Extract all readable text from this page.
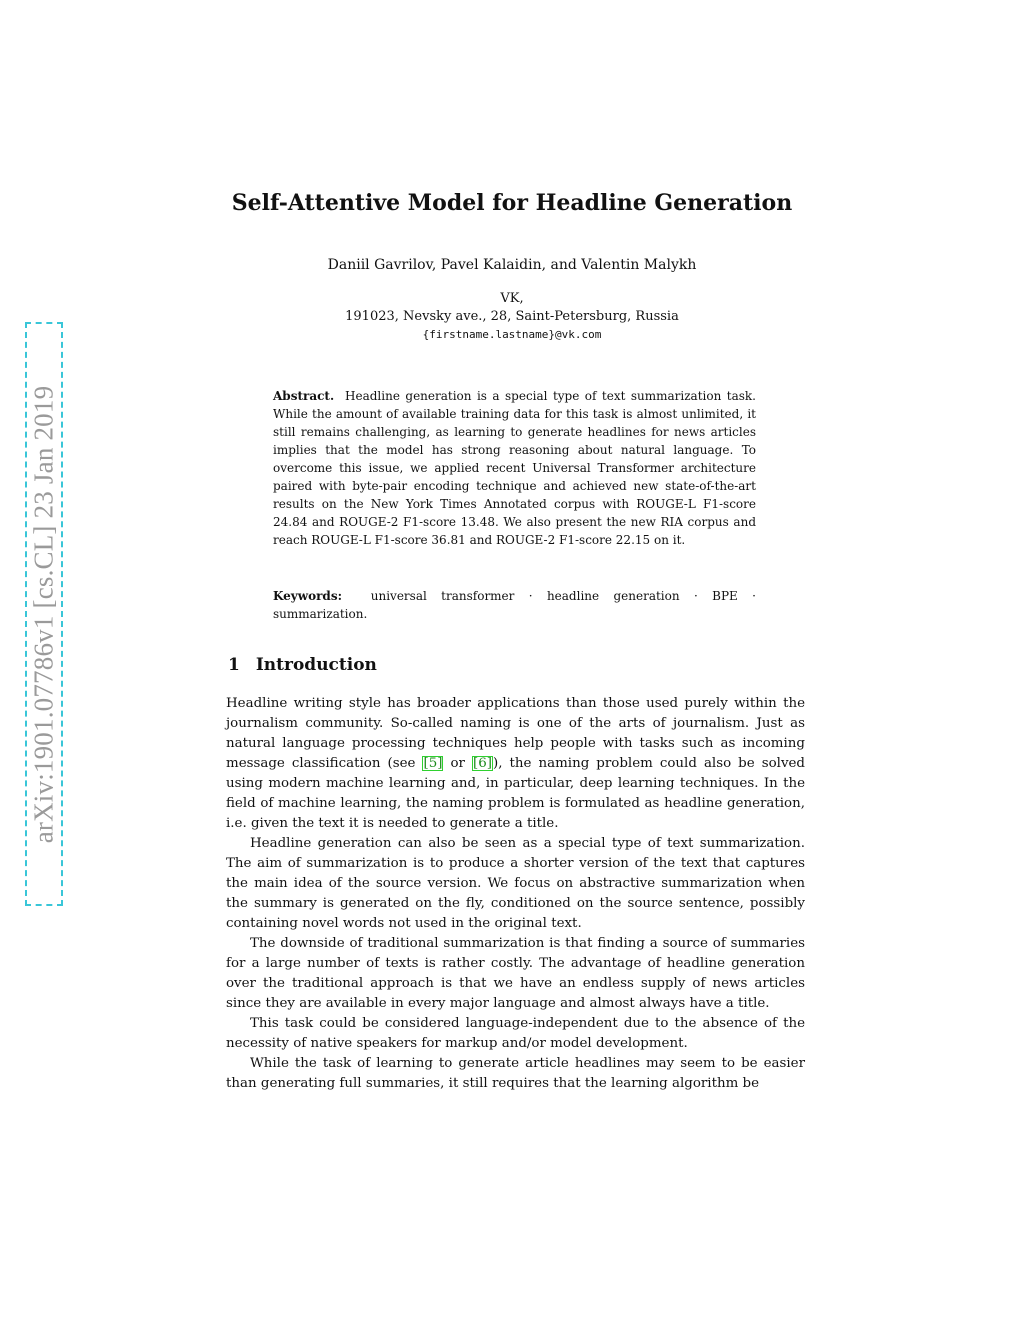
arXiv:1901.07786v1 [cs.CL] 23 Jan 2019
Self-Attentive Model for Headline Generation
Daniil Gavrilov, Pavel Kalaidin, and Valentin Malykh
VK,
191023, Nevsky ave., 28, Saint-Petersburg, Russia
{firstname.lastname}@vk.com

Abstract. Headline generation is a special type of text summarization task. While the amount of available training data for this task is almost unlimited, it still remains challenging, as learning to generate headlines for news articles implies that the model has strong reasoning about natural language. To overcome this issue, we applied recent Universal Transformer architecture paired with byte-pair encoding technique and achieved new state-of-the-art results on the New York Times Annotated corpus with ROUGE-L F1-score 24.84 and ROUGE-2 F1-score 13.48. We also present the new RIA corpus and reach ROUGE-L F1-score 36.81 and ROUGE-2 F1-score 22.15 on it.

Keywords: universal transformer · headline generation · BPE · summarization.

1 Introduction

Headline writing style has broader applications than those used purely within the journalism community. So-called naming is one of the arts of journalism. Just as natural language processing techniques help people with tasks such as incoming message classification (see [5] or [6]), the naming problem could also be solved using modern machine learning and, in particular, deep learning techniques. In the field of machine learning, the naming problem is formulated as headline generation, i.e. given the text it is needed to generate a title.

Headline generation can also be seen as a special type of text summarization. The aim of summarization is to produce a shorter version of the text that captures the main idea of the source version. We focus on abstractive summarization when the summary is generated on the fly, conditioned on the source sentence, possibly containing novel words not used in the original text.

The downside of traditional summarization is that finding a source of summaries for a large number of texts is rather costly. The advantage of headline generation over the traditional approach is that we have an endless supply of news articles since they are available in every major language and almost always have a title.

This task could be considered language-independent due to the absence of the necessity of native speakers for markup and/or model development.

While the task of learning to generate article headlines may seem to be easier than generating full summaries, it still requires that the learning algorithm be
